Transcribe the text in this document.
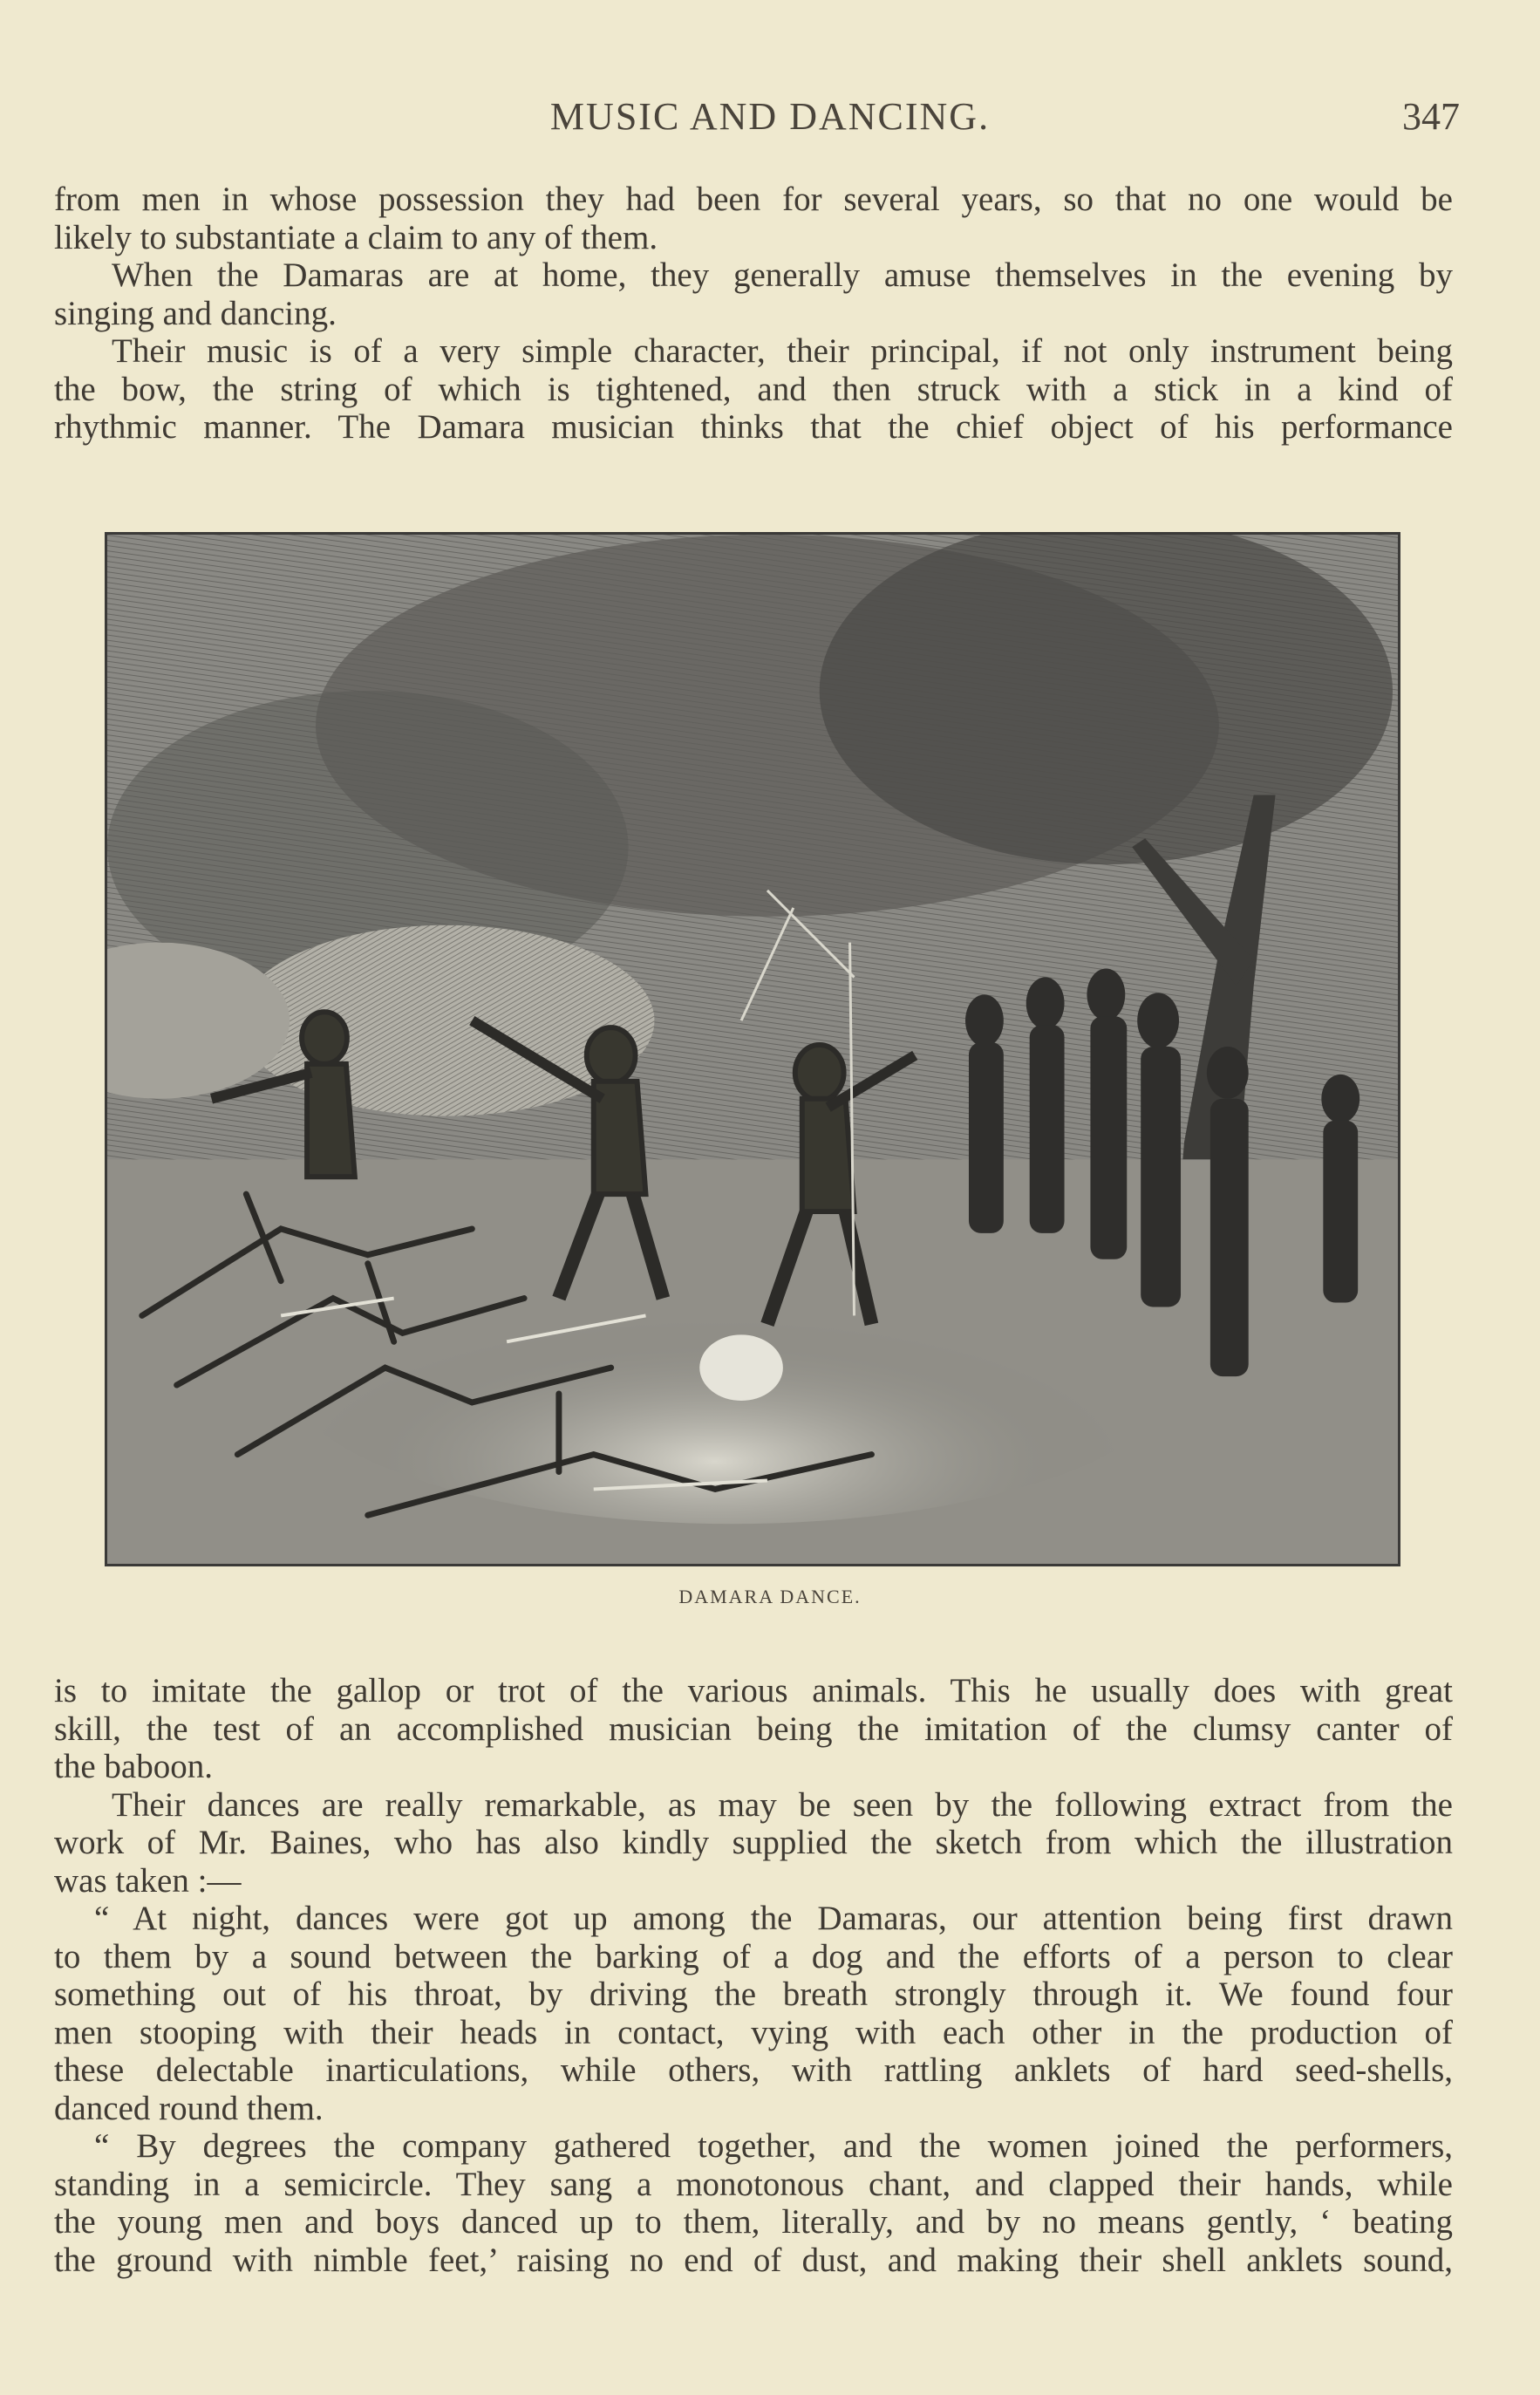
MUSIC AND DANCING.	347
from men in whose possession they had been for several years, so that no one would be
likely to substantiate a claim to any of them.
When the Damaras are at home, they generally amuse themselves in the evening by
singing and dancing.
Their music is of a very simple character, their principal, if not only instrument being
the bow, the string of which is tightened, and then struck with a stick in a kind of
rhythmic manner. The Damara musician thinks that the chief object of his performance
DAMARA DANCE.
is to imitate the gallop or trot of the various animals. This he usually does with great
skill, the test of an accomplished musician being the imitation of the clumsy canter of
the baboon.
Their dances are really remarkable, as may be seen by the following extract from the
work of Mr. Baines, who has also kindly supplied the sketch from which the illustration
was taken :—
“ At night, dances were got up among the Damaras, our attention being first drawn
to them by a sound between the barking of a dog and the efforts of a person to clear
something out of his throat, by driving the breath strongly through it. We found four
men stooping with their heads in contact, vying with each other in the production of
these delectable inarticulations, while others, with rattling anklets of hard seed-shells,
danced round them.
“ By degrees the company gathered together, and the women joined the performers,
standing in a semicircle. They sang a monotonous chant, and clapped their hands, while
the young men and boys danced up to them, literally, and by no means gently, ‘ beating
the ground with nimble feet,’ raising no end of dust, and making their shell anklets sound,
